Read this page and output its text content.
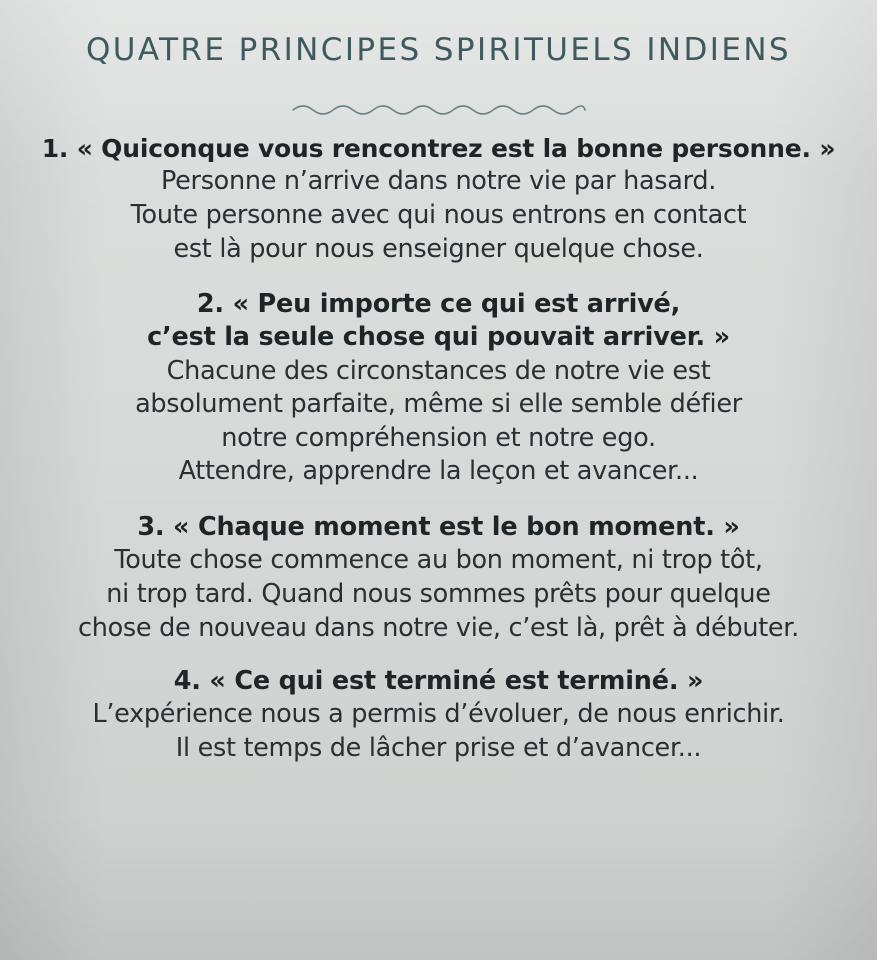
QUATRE PRINCIPES SPIRITUELS INDIENS
1. « Quiconque vous rencontrez est la bonne personne. »
Personne n’arrive dans notre vie par hasard.
Toute personne avec qui nous entrons en contact
est là pour nous enseigner quelque chose.
2. « Peu importe ce qui est arrivé,
c’est la seule chose qui pouvait arriver. »
Chacune des circonstances de notre vie est
absolument parfaite, même si elle semble défier
notre compréhension et notre ego.
Attendre, apprendre la leçon et avancer...
3. « Chaque moment est le bon moment. »
Toute chose commence au bon moment, ni trop tôt,
ni trop tard. Quand nous sommes prêts pour quelque
chose de nouveau dans notre vie, c’est là, prêt à débuter.
4. « Ce qui est terminé est terminé. »
L’expérience nous a permis d’évoluer, de nous enrichir.
Il est temps de lâcher prise et d’avancer...
